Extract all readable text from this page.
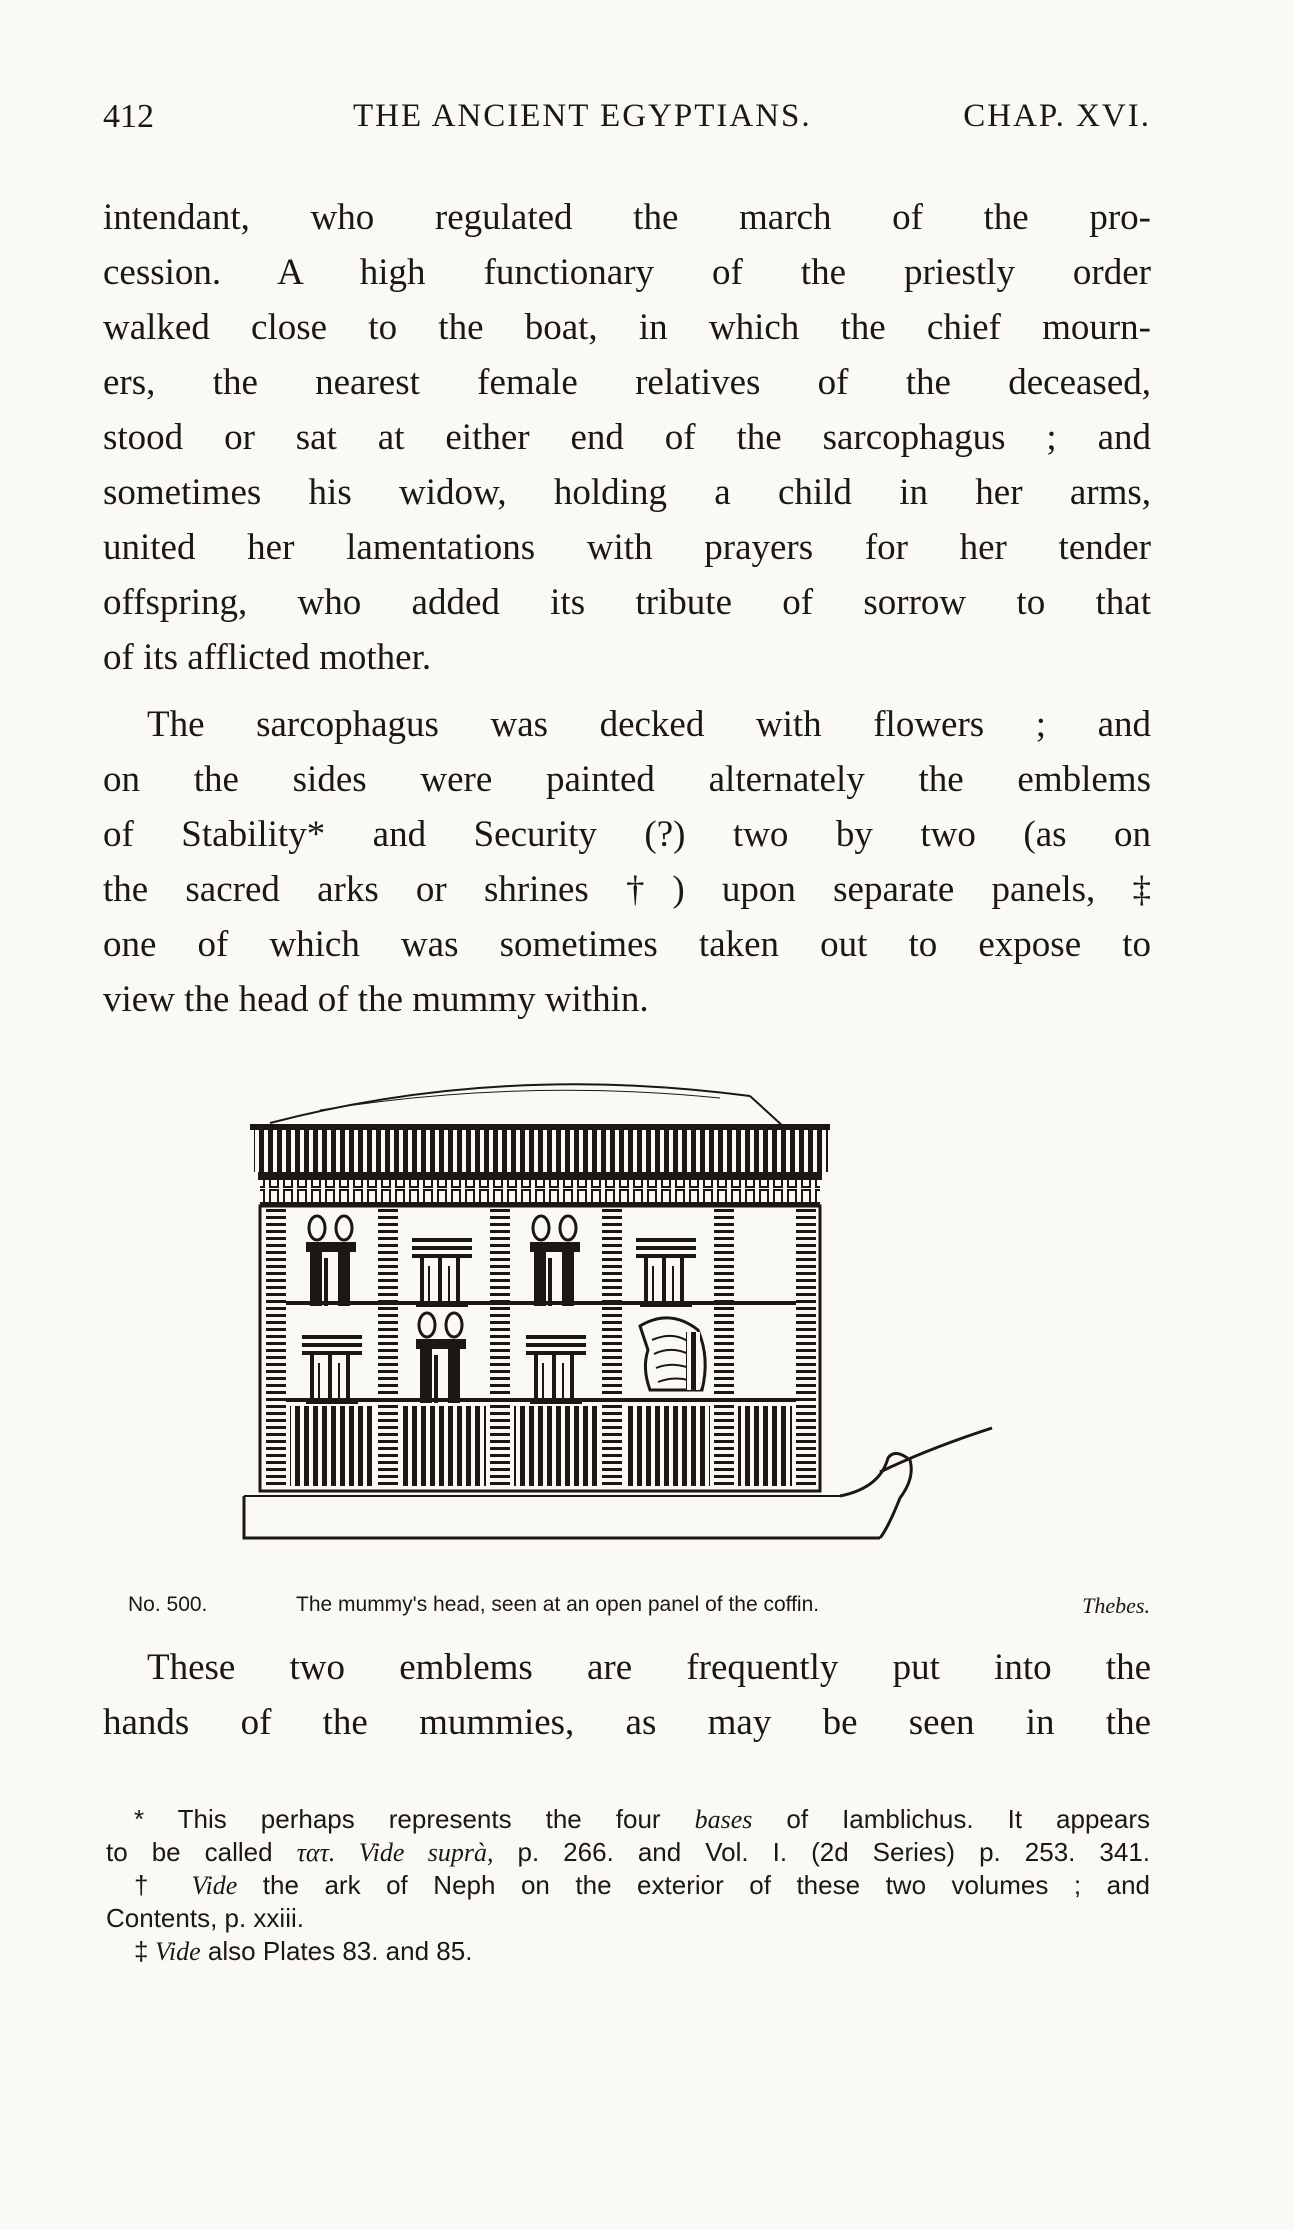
412	THE ANCIENT EGYPTIANS.	CHAP. XVI.
intendant, who regulated the march of the pro-
cession. A high functionary of the priestly order
walked close to the boat, in which the chief mourn-
ers, the nearest female relatives of the deceased,
stood or sat at either end of the sarcophagus ; and
sometimes his widow, holding a child in her arms,
united her lamentations with prayers for her tender
offspring, who added its tribute of sorrow to that
of its afflicted mother.
The sarcophagus was decked with flowers ; and
on the sides were painted alternately the emblems
of Stability* and Security (?) two by two (as on
the sacred arks or shrines †) upon separate panels, ‡
one of which was sometimes taken out to expose to
view the head of the mummy within.
No. 500.	The mummy's head, seen at an open panel of the coffin.	Thebes.
These two emblems are frequently put into the
hands of the mummies, as may be seen in the
* This perhaps represents the four bases of Iamblichus. It appears
to be called τατ. Vide suprà, p. 266. and Vol. I. (2d Series) p. 253. 341.
† Vide the ark of Neph on the exterior of these two volumes ; and
Contents, p. xxiii.
‡ Vide also Plates 83. and 85.
